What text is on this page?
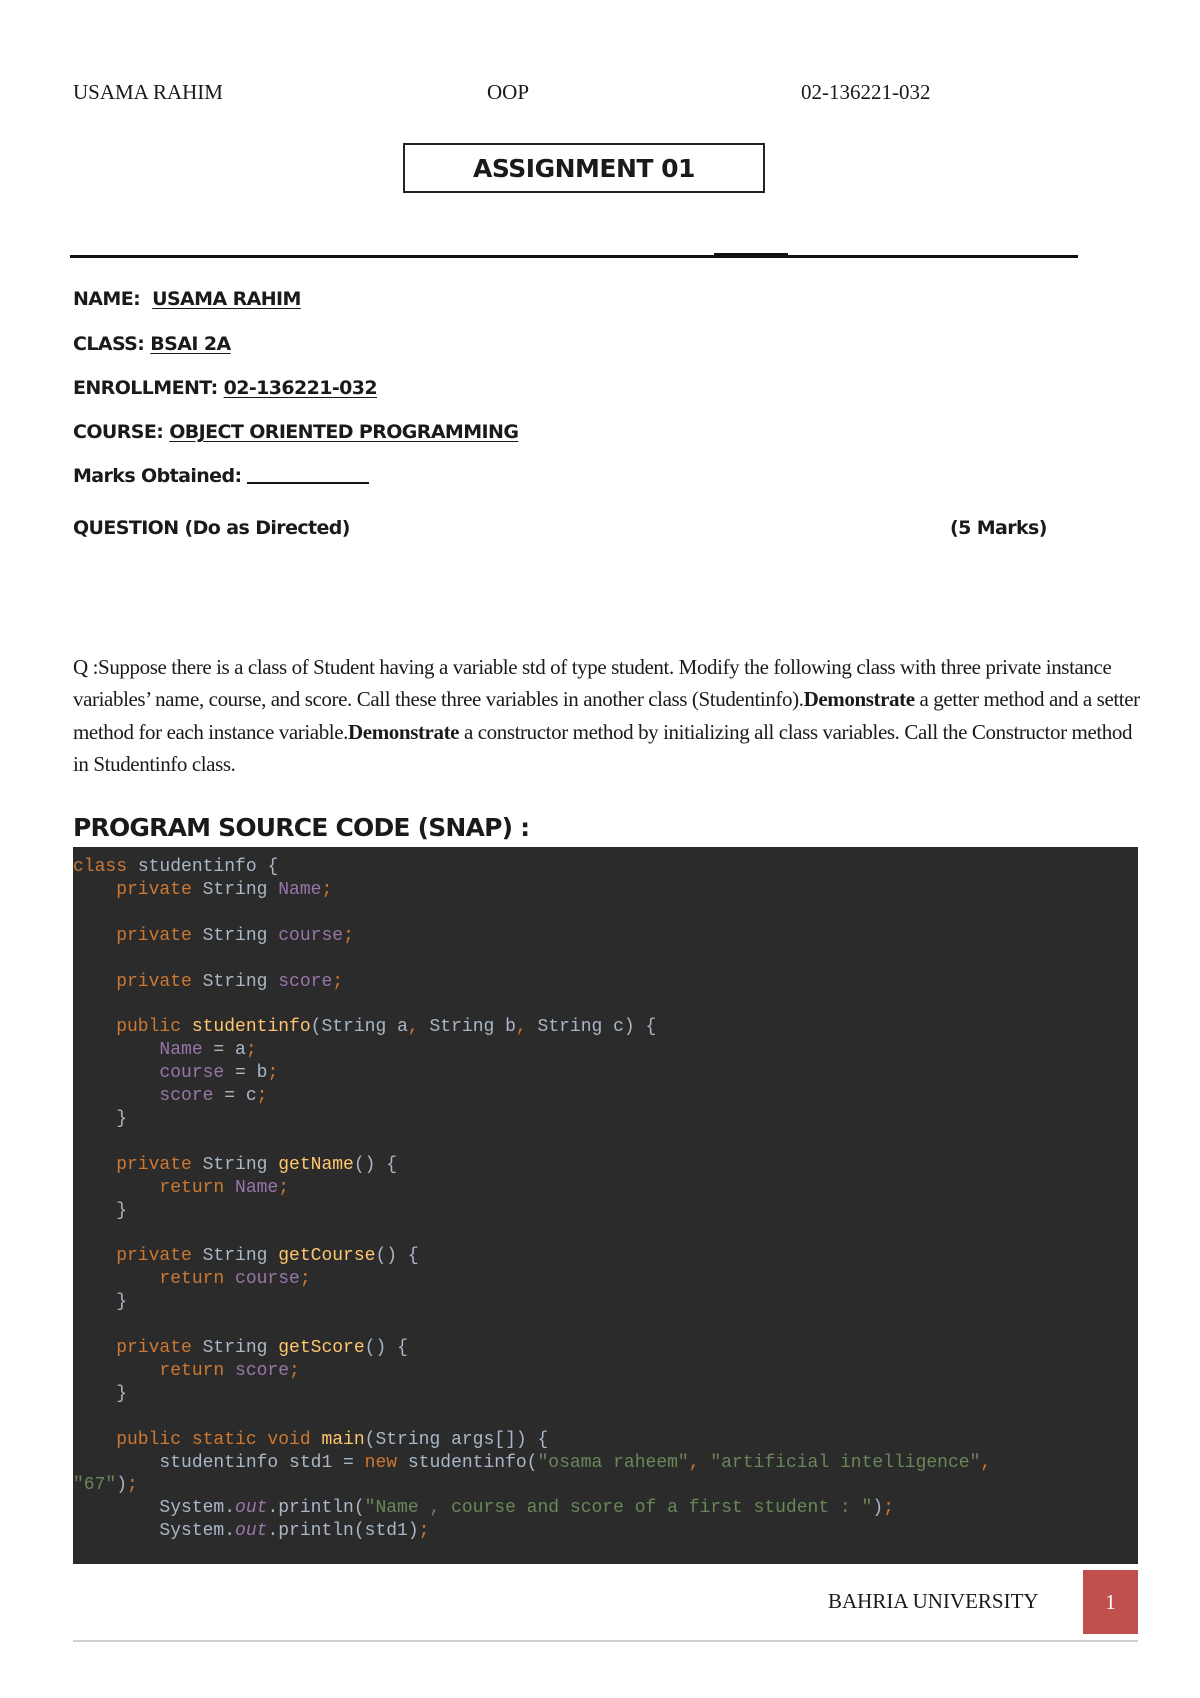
USAMA RAHIM	OOP	02-136221-032
ASSIGNMENT 01
NAME: USAMA RAHIM
CLASS: BSAI 2A
ENROLLMENT: 02-136221-032
COURSE: OBJECT ORIENTED PROGRAMMING
Marks Obtained:
QUESTION (Do as Directed)	(5 Marks)
Q :Suppose there is a class of Student having a variable std of type student. Modify the following class with three private instance variables’ name, course, and score. Call these three variables in another class (Studentinfo).Demonstrate a getter method and a setter method for each instance variable.Demonstrate a constructor method by initializing all class variables. Call the Constructor method in Studentinfo class.
PROGRAM SOURCE CODE (SNAP) :
class studentinfo {
private String Name;

private String course;

private String score;

public studentinfo(String a, String b, String c) {
Name = a;
course = b;
score = c;
}

private String getName() {
return Name;
}

private String getCourse() {
return course;
}

private String getScore() {
return score;
}

public static void main(String args[]) {
studentinfo std1 = new studentinfo("osama raheem", "artificial intelligence",
"67");
System.out.println("Name , course and score of a first student : ");
System.out.println(std1);
BAHRIA UNIVERSITY	1
